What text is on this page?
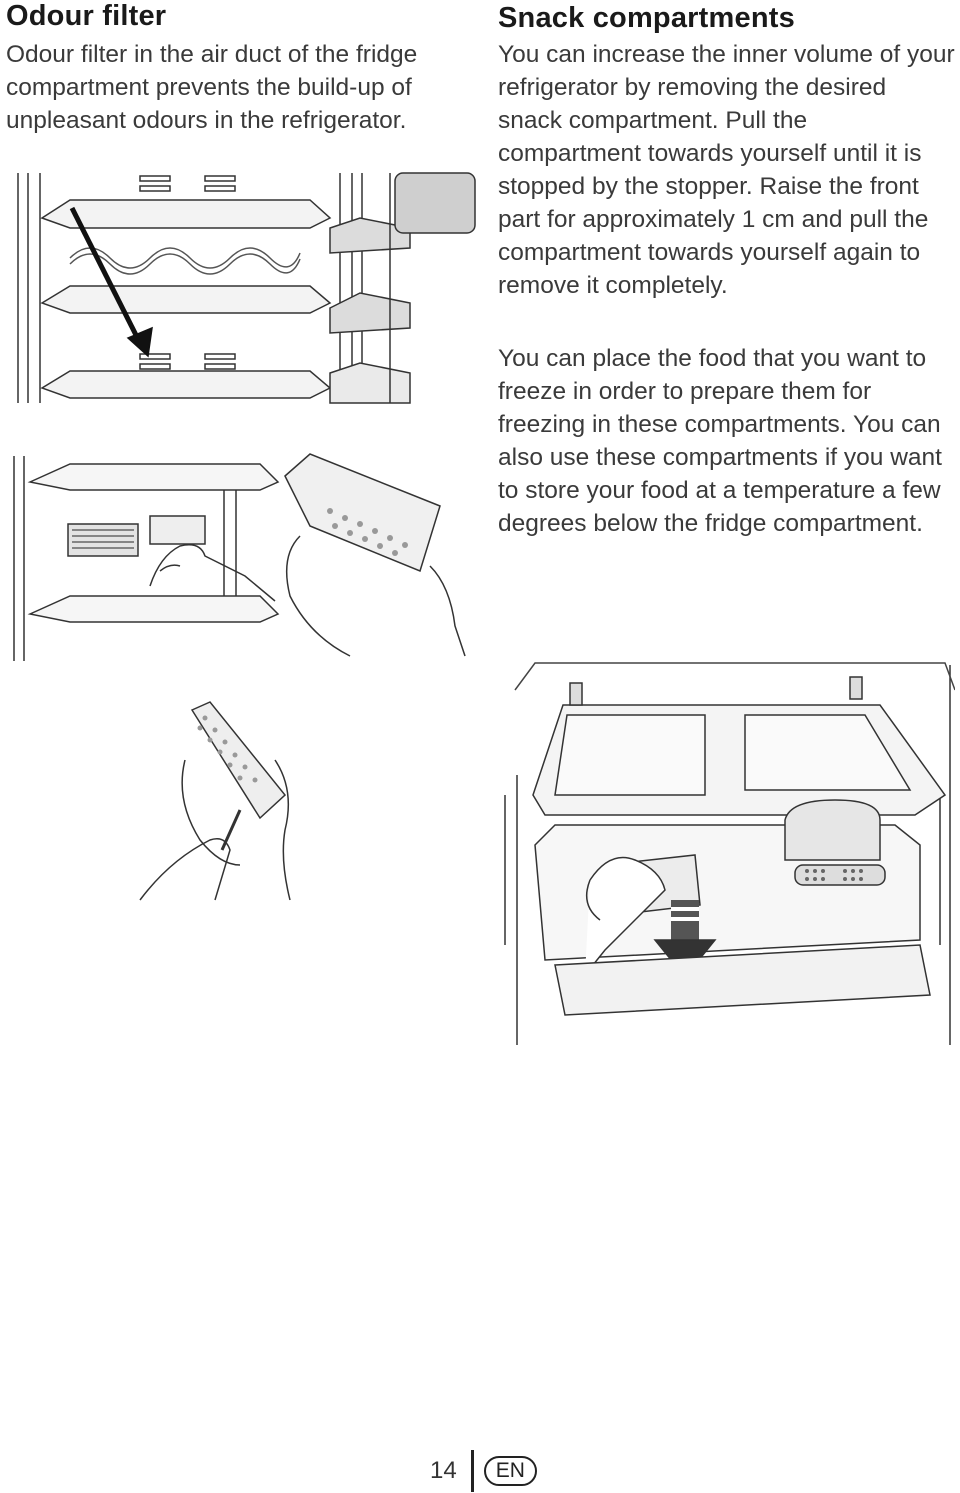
Odour filter

Odour filter in the air duct of the fridge compartment prevents the build-up of unpleasant odours in the refrigerator.

Snack compartments

You can increase the inner volume of your refrigerator by removing the desired snack compartment. Pull the compartment towards yourself until it is stopped by the stopper. Raise the front part for approximately 1 cm and pull the compartment towards yourself again to remove it completely.

You can place the food that you want to freeze in order to prepare them for freezing in these compartments. You can also use these compartments if you want to store your food at a temperature a few degrees below the fridge compartment.

14	EN
